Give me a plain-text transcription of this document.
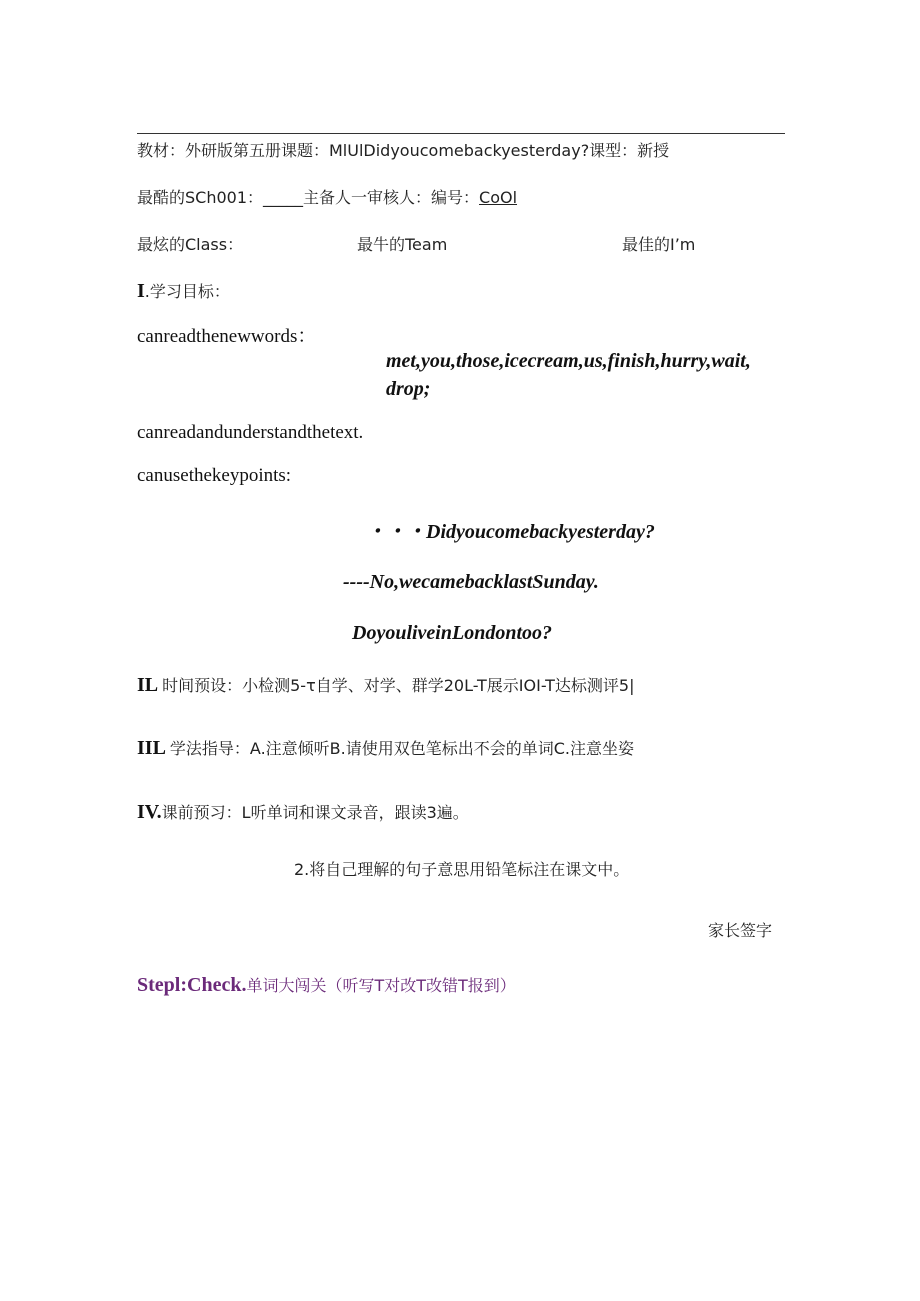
教材：外研版第五册课题：MlUlDidyoucomebackyesterday?课型：新授
最酷的SCh001：_____主备人一审核人：编号：CoOl
最炫的Class：	最牛的Team	最佳的I’m
I.学习目标：
canreadthenewwords：
met,you,those,icecream,us,finish,hurry,wait,
drop;
canreadandunderstandthetext.
canusethekeypoints:
・・・Didyoucomebackyesterday?
----No,wecamebacklastSunday.
DoyouliveinLondontoo?
IL 时间预设：小检测5-τ自学、对学、群学20L-T展示IOI-T达标测评5|
IIL 学法指导：A.注意倾听B.请使用双色笔标出不会的单词C.注意坐姿
IV.课前预习：L听单词和课文录音，跟读3遍。
2.将自己理解的句子意思用铅笔标注在课文中。
家长签字
Stepl:Check.单词大闯关（听写T对改T改错T报到）
